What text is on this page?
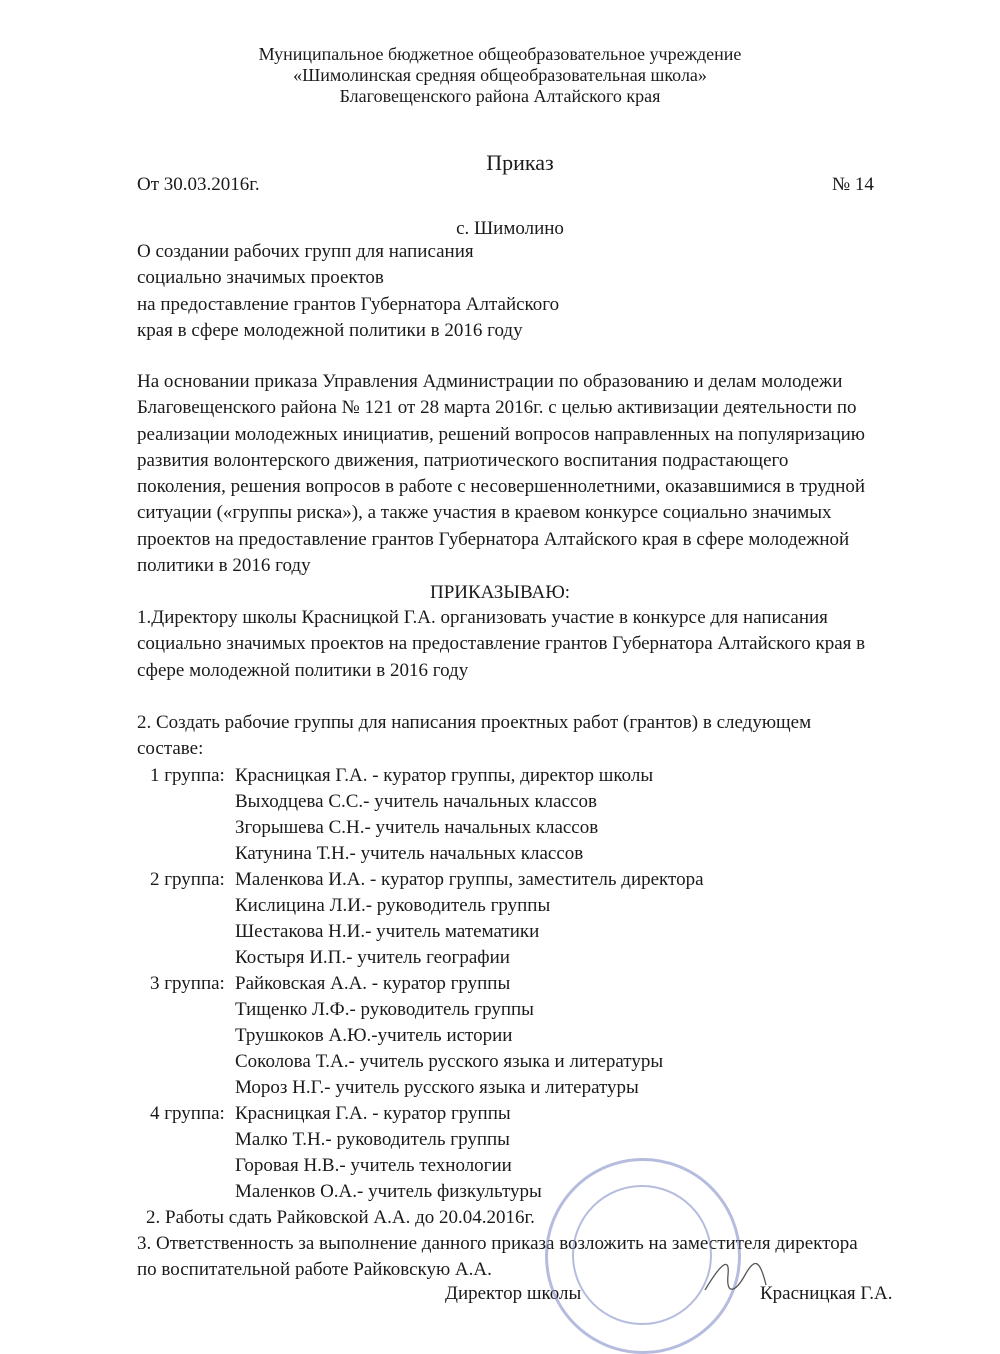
Муниципальное бюджетное общеобразовательное учреждение
«Шимолинская средняя общеобразовательная школа»
Благовещенского района Алтайского края
Приказ
От 30.03.2016г.	№ 14
с. Шимолино
О создании рабочих групп для написания
социально значимых проектов
на предоставление грантов Губернатора Алтайского
края в сфере молодежной политики в 2016 году
На основании приказа Управления Администрации по образованию и делам молодежи
Благовещенского района № 121 от 28 марта 2016г. с целью активизации деятельности по
реализации молодежных инициатив, решений вопросов направленных на популяризацию
развития волонтерского движения, патриотического воспитания подрастающего
поколения, решения вопросов в работе с несовершеннолетними, оказавшимися в трудной
ситуации («группы риска»), а также участия в краевом конкурсе социально значимых
проектов на предоставление грантов Губернатора Алтайского края в сфере молодежной
политики в 2016 году
ПРИКАЗЫВАЮ:
1.Директору школы Красницкой Г.А. организовать участие в конкурсе для написания
социально значимых проектов на предоставление грантов Губернатора Алтайского края в
сфере молодежной политики в 2016 году
2. Создать рабочие группы для написания проектных работ (грантов) в следующем
составе:
1 группа: Красницкая Г.А. - куратор группы, директор школы
Выходцева С.С.- учитель начальных классов
Згорышева С.Н.- учитель начальных классов
Катунина Т.Н.- учитель начальных классов
2 группа: Маленкова И.А. - куратор группы, заместитель директора
Кислицина Л.И.- руководитель группы
Шестакова Н.И.- учитель математики
Костыря И.П.- учитель географии
3 группа: Райковская А.А. - куратор группы
Тищенко Л.Ф.- руководитель группы
Трушкоков А.Ю.-учитель истории
Соколова Т.А.- учитель русского языка и литературы
Мороз Н.Г.- учитель русского языка и литературы
4 группа: Красницкая Г.А. - куратор группы
Малко Т.Н.- руководитель группы
Горовая Н.В.- учитель технологии
Маленков О.А.- учитель физкультуры
2. Работы сдать Райковской А.А. до 20.04.2016г.
3. Ответственность за выполнение данного приказа возложить на заместителя директора
по воспитательной работе Райковскую А.А.
Директор школы	Красницкая Г.А.
